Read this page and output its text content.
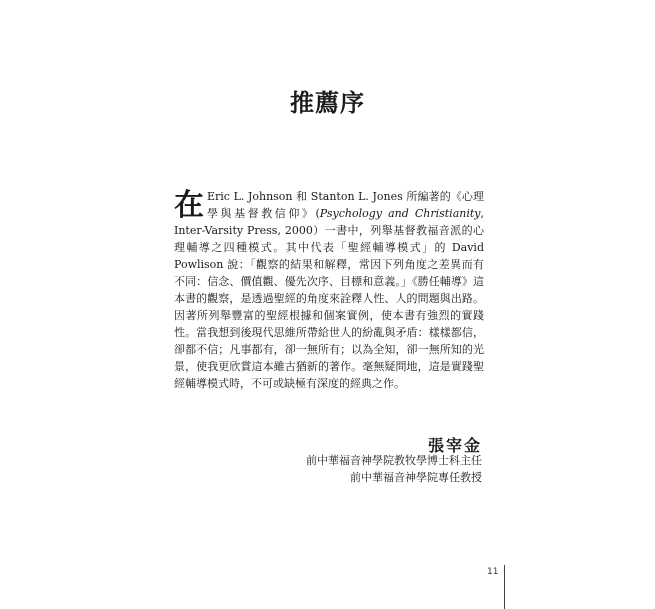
推薦序
在 Eric L. Johnson 和 Stanton L. Jones 所編著的《心理學與基督教信仰》(Psychology and Christianity, Inter-Varsity Press, 2000）一書中，列舉基督教福音派的心理輔導之四種模式。其中代表「聖經輔導模式」的 David Powlison 說：「觀察的結果和解釋，常因下列角度之差異而有不同：信念、價值觀、優先次序、目標和意義。」《勝任輔導》這本書的觀察，是透過聖經的角度來詮釋人性、人的問題與出路。因著所列舉豐富的聖經根據和個案實例，使本書有強烈的實踐性。當我想到後現代思維所帶給世人的紛亂與矛盾：樣樣都信，卻都不信；凡事都有，卻一無所有；以為全知，卻一無所知的光景，使我更欣賞這本雖古猶新的著作。毫無疑問地，這是實踐聖經輔導模式時，不可或缺極有深度的經典之作。
張宰金
前中華福音神學院教牧學博士科主任
前中華福音神學院專任教授
11
